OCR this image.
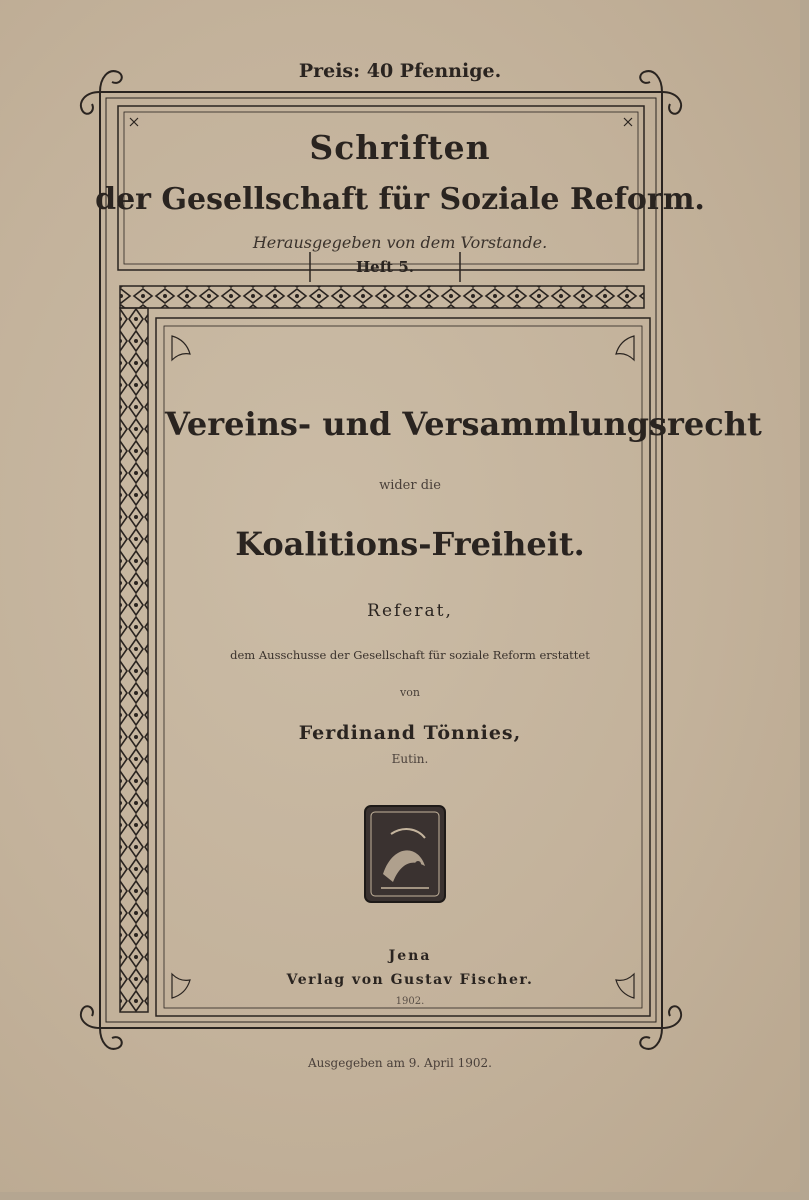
Preis: 40 Pfennige.
Schriften
der Gesellschaft für Soziale Reform.
Herausgegeben von dem Vorstande.
Heft 5.
Vereins- und Versammlungsrecht
wider die
Koalitions-Freiheit.
Referat,
dem Ausschusse der Gesellschaft für soziale Reform erstattet
von
Ferdinand Tönnies,
Eutin.
Jena
Verlag von Gustav Fischer.
1902.
Ausgegeben am 9. April 1902.
